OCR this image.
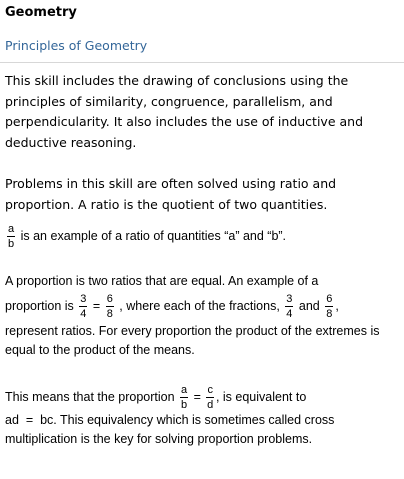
Geometry
Principles of Geometry
This skill includes the drawing of conclusions using the principles of similarity, congruence, parallelism, and perpendicularity. It also includes the use of inductive and deductive reasoning.
Problems in this skill are often solved using ratio and proportion. A ratio is the quotient of two quantities.
$\frac{a}{b}$ is an example of a ratio of quantities “a” and “b”.
A proportion is two ratios that are equal. An example of a
proportion is $\frac{3}{4} = \frac{6}{8}$ , where each of the fractions, $\frac{3}{4}$ and $\frac{6}{8}$ ,
represent ratios. For every proportion the product of the extremes is equal to the product of the means.
This means that the proportion $\frac{a}{b} = \frac{c}{d}$ , is equivalent to
ad  =  bc. This equivalency which is sometimes called cross multiplication is the key for solving proportion problems.
